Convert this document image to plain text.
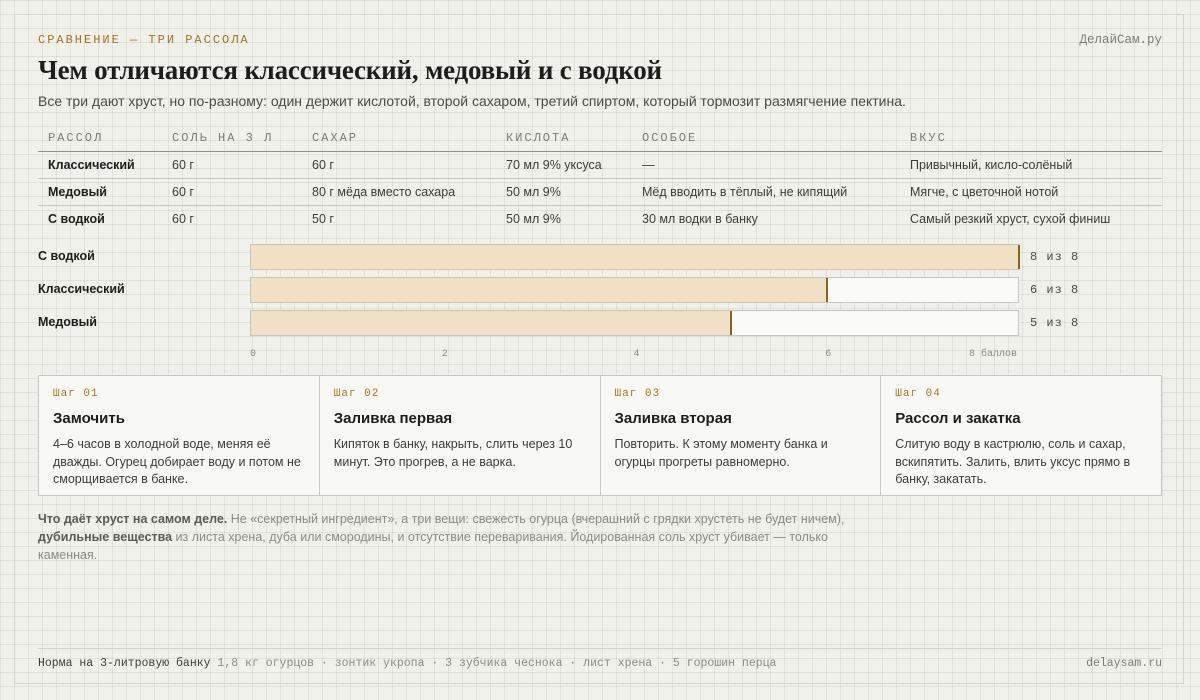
СРАВНЕНИЕ — ТРИ РАССОЛА	ДелайСам.ру
Чем отличаются классический, медовый и с водкой
Все три дают хруст, но по-разному: один держит кислотой, второй сахаром, третий спиртом, который тормозит размягчение пектина.
РАССОЛ	СОЛЬ НА 3 Л	САХАР	КИСЛОТА	ОСОБОЕ	ВКУС
Классический	60 г	60 г	70 мл 9% уксуса	—	Привычный, кисло-солёный
Медовый	60 г	80 г мёда вместо сахара	50 мл 9%	Мёд вводить в тёплый, не кипящий	Мягче, с цветочной нотой
С водкой	60 г	50 г	50 мл 9%	30 мл водки в банку	Самый резкий хруст, сухой финиш
С водкой	8 из 8
Классический	6 из 8
Медовый	5 из 8
0	2	4	6	8 баллов
Шаг 01
Замочить
4–6 часов в холодной воде, меняя её дважды. Огурец добирает воду и потом не сморщивается в банке.
Шаг 02
Заливка первая
Кипяток в банку, накрыть, слить через 10 минут. Это прогрев, а не варка.
Шаг 03
Заливка вторая
Повторить. К этому моменту банка и огурцы прогреты равномерно.
Шаг 04
Рассол и закатка
Слитую воду в кастрюлю, соль и сахар, вскипятить. Залить, влить уксус прямо в банку, закатать.
Что даёт хруст на самом деле. Не «секретный ингредиент», а три вещи: свежесть огурца (вчерашний с грядки хрустеть не будет ничем), дубильные вещества из листа хрена, дуба или смородины, и отсутствие переваривания. Йодированная соль хруст убивает — только каменная.
Норма на 3-литровую банку 1,8 кг огурцов · зонтик укропа · 3 зубчика чеснока · лист хрена · 5 горошин перца	delaysam.ru
